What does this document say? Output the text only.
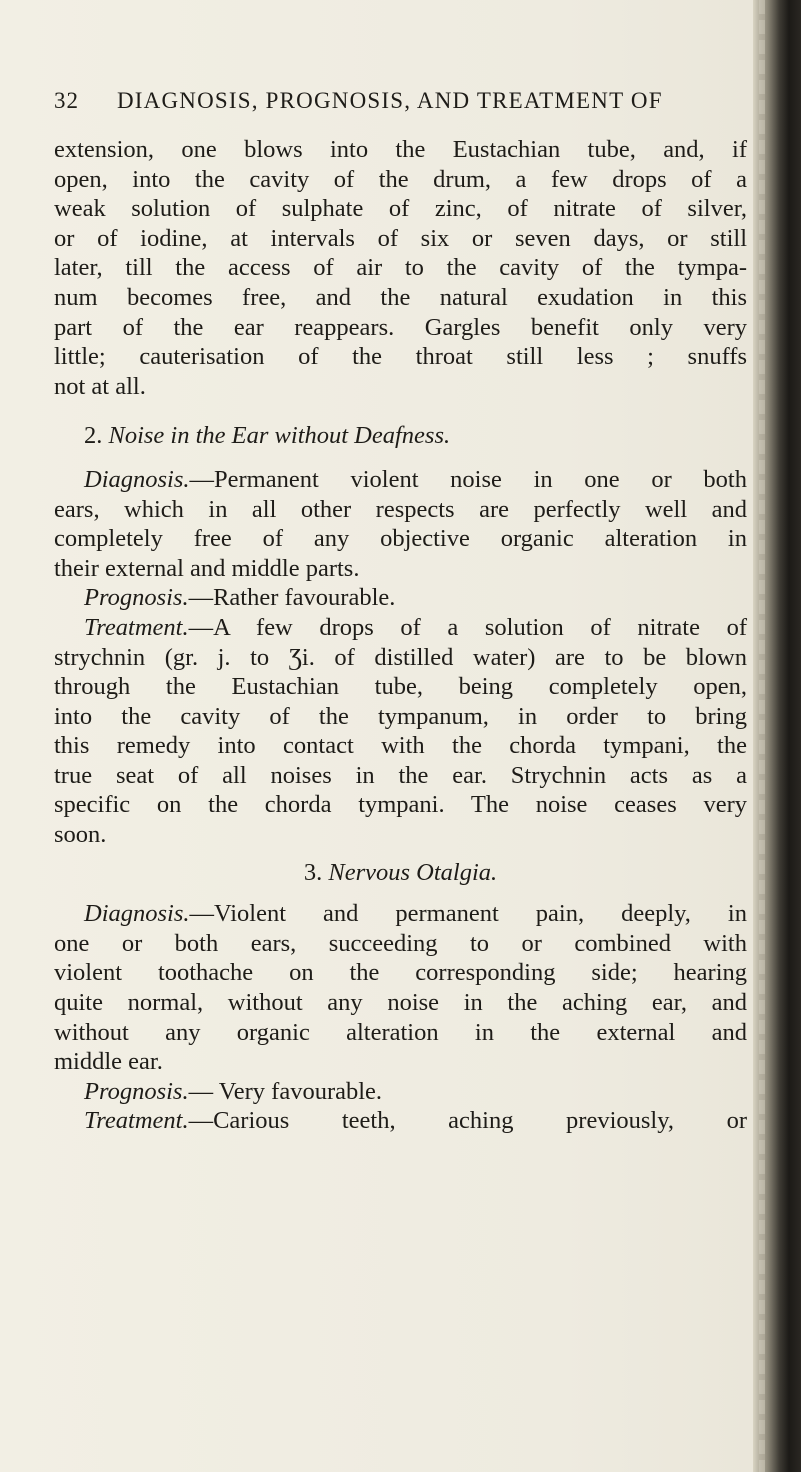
32 DIAGNOSIS, PROGNOSIS, AND TREATMENT OF
extension, one blows into the Eustachian tube, and, if
open, into the cavity of the drum, a few drops of a
weak solution of sulphate of zinc, of nitrate of silver,
or of iodine, at intervals of six or seven days, or still
later, till the access of air to the cavity of the tympa-
num becomes free, and the natural exudation in this
part of the ear reappears. Gargles benefit only very
little; cauterisation of the throat still less ; snuffs
not at all.
2. Noise in the Ear without Deafness.
Diagnosis.—Permanent violent noise in one or both
ears, which in all other respects are perfectly well and
completely free of any objective organic alteration in
their external and middle parts.
Prognosis.—Rather favourable.
Treatment.—A few drops of a solution of nitrate of
strychnin (gr. j. to Ʒi. of distilled water) are to be blown
through the Eustachian tube, being completely open,
into the cavity of the tympanum, in order to bring
this remedy into contact with the chorda tympani, the
true seat of all noises in the ear. Strychnin acts as a
specific on the chorda tympani. The noise ceases very
soon.
3. Nervous Otalgia.
Diagnosis.—Violent and permanent pain, deeply, in
one or both ears, succeeding to or combined with
violent toothache on the corresponding side; hearing
quite normal, without any noise in the aching ear, and
without any organic alteration in the external and
middle ear.
Prognosis.— Very favourable.
Treatment.—Carious teeth, aching previously, or
